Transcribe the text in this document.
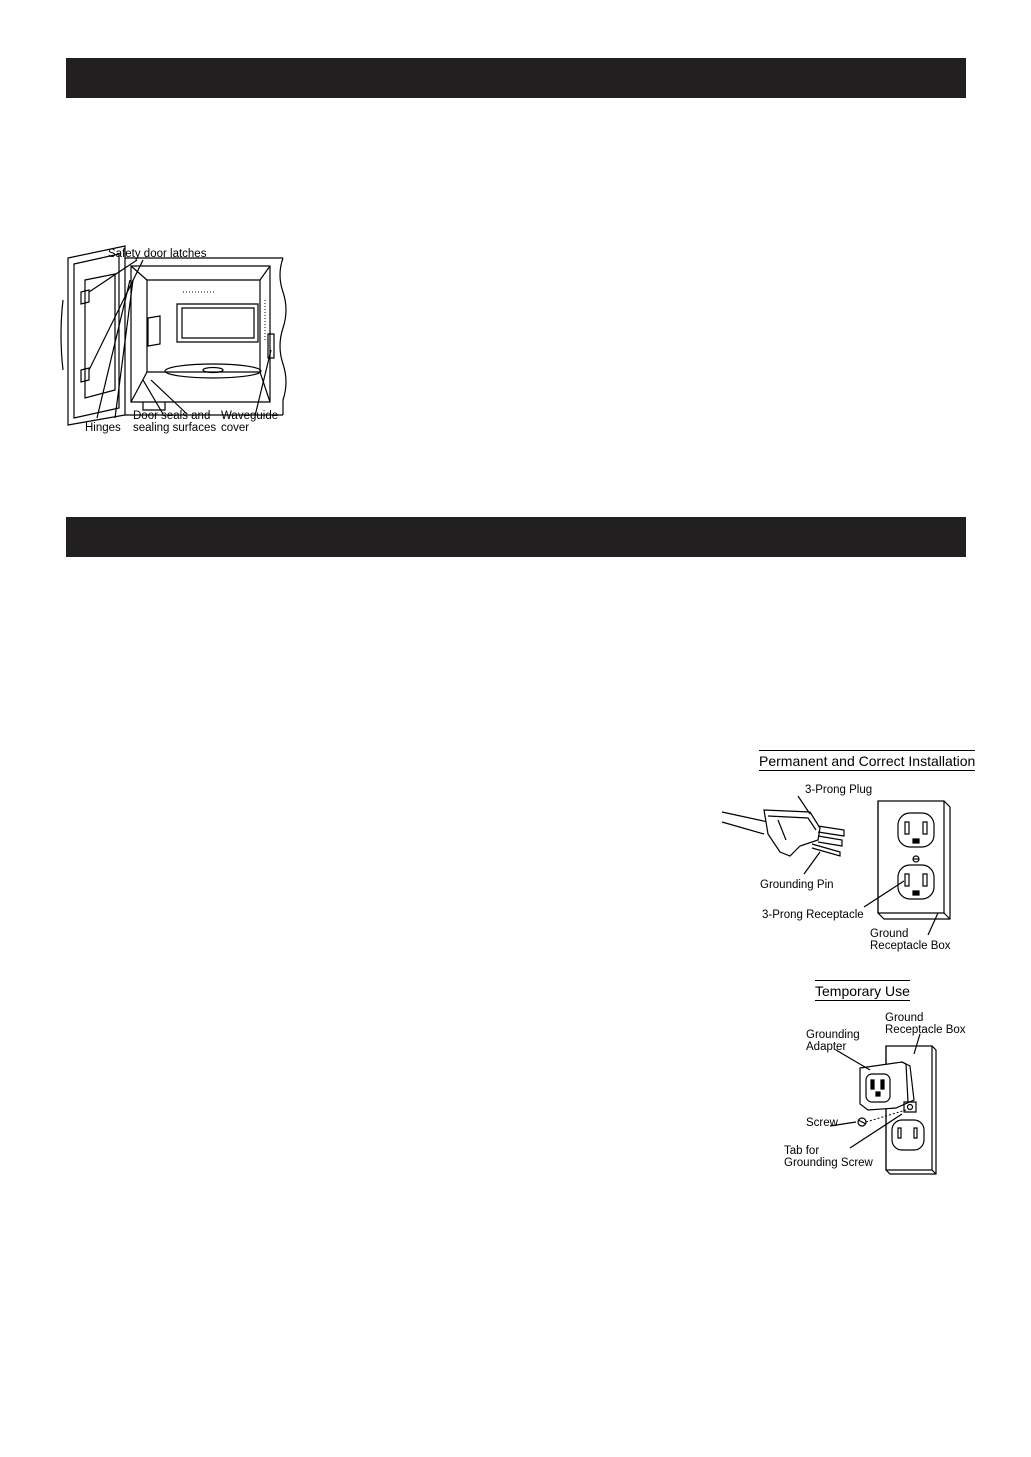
Safety door latches
Hinges
Door seals and
sealing surfaces
Waveguide
cover
Permanent and Correct Installation
3-Prong Plug
Grounding Pin
3-Prong Receptacle
Ground
Receptacle Box
Temporary Use
Ground
Receptacle Box
Grounding
Adapter
Screw
Tab for
Grounding Screw
